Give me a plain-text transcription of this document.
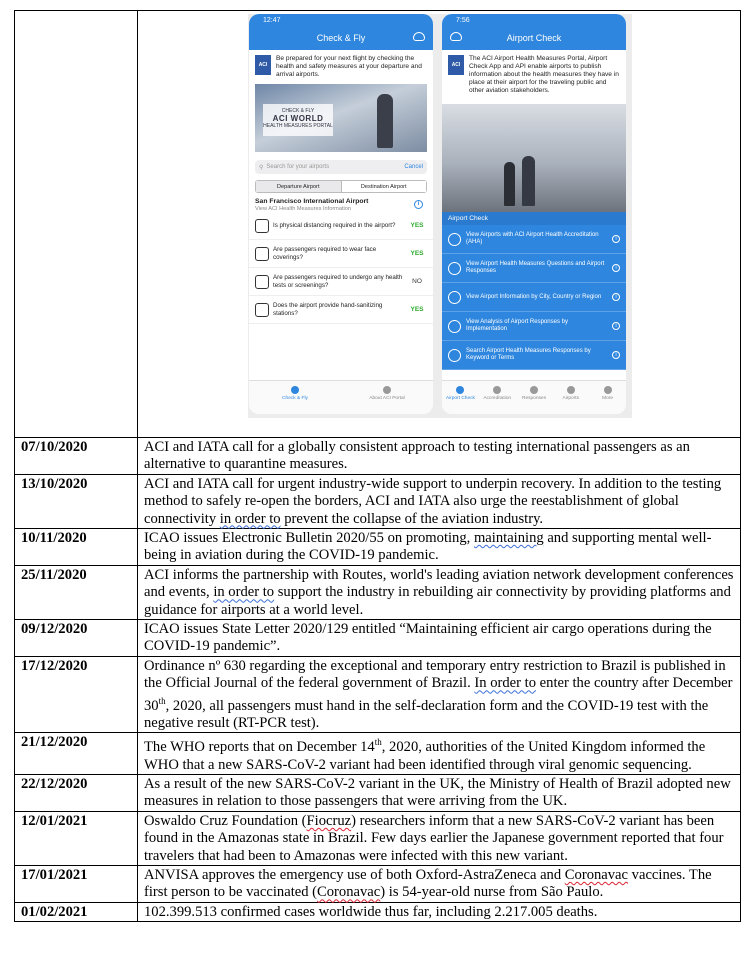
07/10/2020	ACI and IATA call for a globally consistent approach to testing international passengers as an alternative to quarantine measures.
13/10/2020	ACI and IATA call for urgent industry-wide support to underpin recovery. In addition to the testing method to safely re-open the borders, ACI and IATA also urge the reestablishment of global connectivity in order to prevent the collapse of the aviation industry.
10/11/2020	ICAO issues Electronic Bulletin 2020/55 on promoting, maintaining and supporting mental well-being in aviation during the COVID-19 pandemic.
25/11/2020	ACI informs the partnership with Routes, world's leading aviation network development conferences and events, in order to support the industry in rebuilding air connectivity by providing platforms and guidance for airports at a world level.
09/12/2020	ICAO issues State Letter 2020/129 entitled “Maintaining efficient air cargo operations during the COVID-19 pandemic”.
17/12/2020	Ordinance nº 630 regarding the exceptional and temporary entry restriction to Brazil is published in the Official Journal of the federal government of Brazil. In order to enter the country after December 30th, 2020, all passengers must hand in the self-declaration form and the COVID-19 test with the negative result (RT-PCR test).
21/12/2020	The WHO reports that on December 14th, 2020, authorities of the United Kingdom informed the WHO that a new SARS-CoV-2 variant had been identified through viral genomic sequencing.
22/12/2020	As a result of the new SARS-CoV-2 variant in the UK, the Ministry of Health of Brazil adopted new measures in relation to those passengers that were arriving from the UK.
12/01/2021	Oswaldo Cruz Foundation (Fiocruz) researchers inform that a new SARS-CoV-2 variant has been found in the Amazonas state in Brazil. Few days earlier the Japanese government reported that four travelers that had been to Amazonas were infected with this new variant.
17/01/2021	ANVISA approves the emergency use of both Oxford-AstraZeneca and Coronavac vaccines. The first person to be vaccinated (Coronavac) is 54-year-old nurse from São Paulo.
01/02/2021	102.399.513 confirmed cases worldwide thus far, including 2.217.005 deaths.
12:47
Check & Fly
ACI
Be prepared for your next flight by checking the health and safety measures at your departure and arrival airports.
CHECK & FLY
ACI WORLD
HEALTH MEASURES PORTAL
⚲ Search for your airports	Cancel
Departure Airport	Destination Airport
San Francisco International Airport
View ACI Health Measures Information
i
Is physical distancing required in the airport?	YES
Are passengers required to wear face coverings?
YES
Are passengers required to undergo any health tests or screenings?
NO
Does the airport provide hand-sanitizing stations?
YES
Check & Fly	About ACI Portal
7:56
Airport Check
ACI
The ACI Airport Health Measures Portal, Airport Check App and API enable airports to publish information about the health measures they have in place at their airport for the traveling public and other aviation stakeholders.
Airport Check
View Airports with ACI Airport Health Accreditation (AHA)	i
View Airport Health Measures Questions and Airport Responses	i
View Airport Information by City, Country or Region	i
View Analysis of Airport Responses by Implementation	i
Search Airport Health Measures Responses by Keyword or Terms	i
Airport Check Accreditation Responses	Airports	More
